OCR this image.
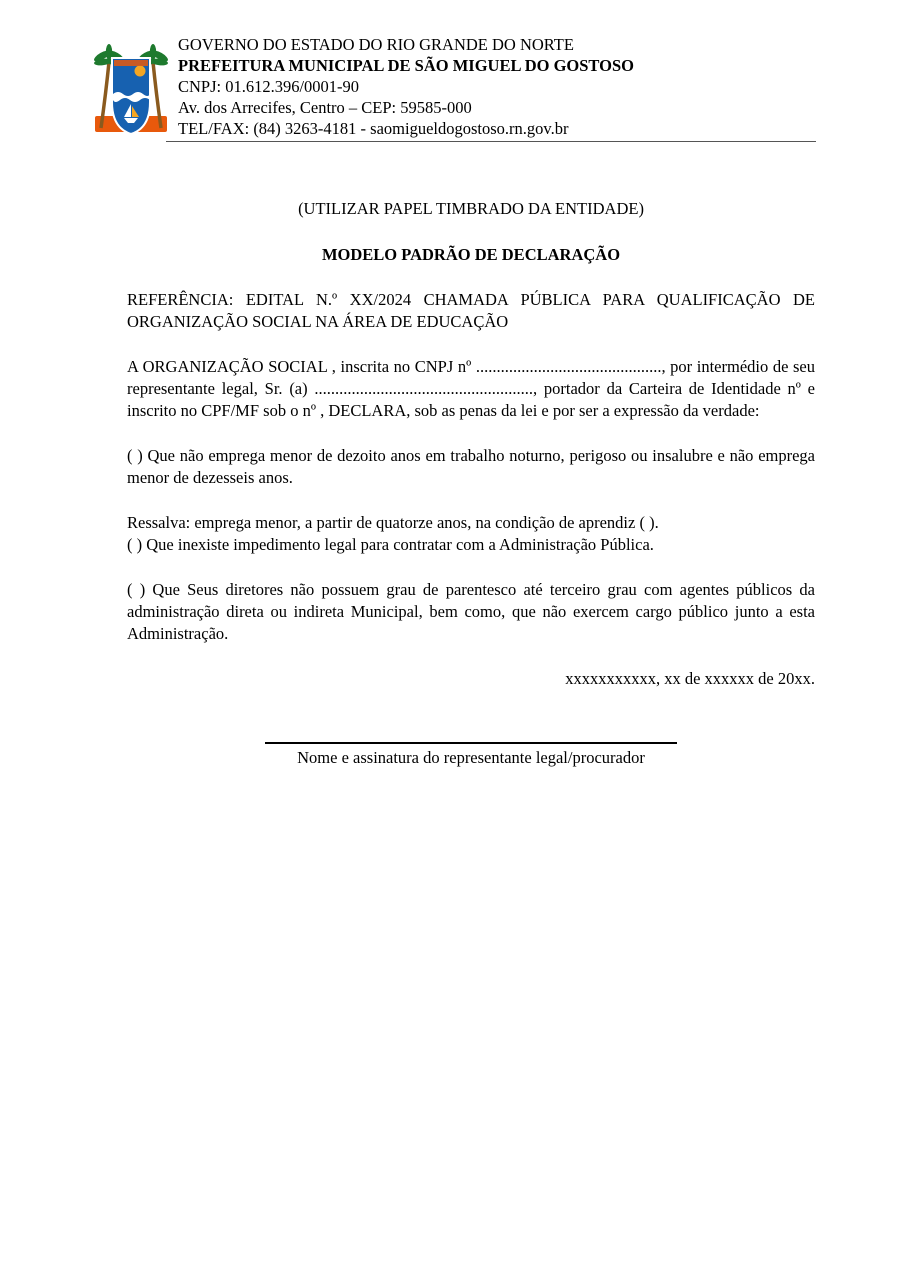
GOVERNO DO ESTADO DO RIO GRANDE DO NORTE
PREFEITURA MUNICIPAL DE SÃO MIGUEL DO GOSTOSO
CNPJ: 01.612.396/0001-90
Av. dos Arrecifes, Centro – CEP: 59585-000
TEL/FAX: (84) 3263-4181 - saomigueldogostoso.rn.gov.br
(UTILIZAR PAPEL TIMBRADO DA ENTIDADE)
MODELO PADRÃO DE DECLARAÇÃO
REFERÊNCIA: EDITAL N.º XX/2024 CHAMADA PÚBLICA PARA QUALIFICAÇÃO DE ORGANIZAÇÃO SOCIAL NA ÁREA DE EDUCAÇÃO
A ORGANIZAÇÃO SOCIAL , inscrita no CNPJ nº ............................................., por intermédio de seu representante legal, Sr. (a) ....................................................., portador da Carteira de Identidade nº e inscrito no CPF/MF sob o nº , DECLARA, sob as penas da lei e por ser a expressão da verdade:
( ) Que não emprega menor de dezoito anos em trabalho noturno, perigoso ou insalubre e não emprega menor de dezesseis anos.
Ressalva: emprega menor, a partir de quatorze anos, na condição de aprendiz ( ).
( ) Que inexiste impedimento legal para contratar com a Administração Pública.
( ) Que Seus diretores não possuem grau de parentesco até terceiro grau com agentes públicos da administração direta ou indireta Municipal, bem como, que não exercem cargo público junto a esta Administração.
xxxxxxxxxxx, xx de xxxxxx de 20xx.
Nome e assinatura do representante legal/procurador
